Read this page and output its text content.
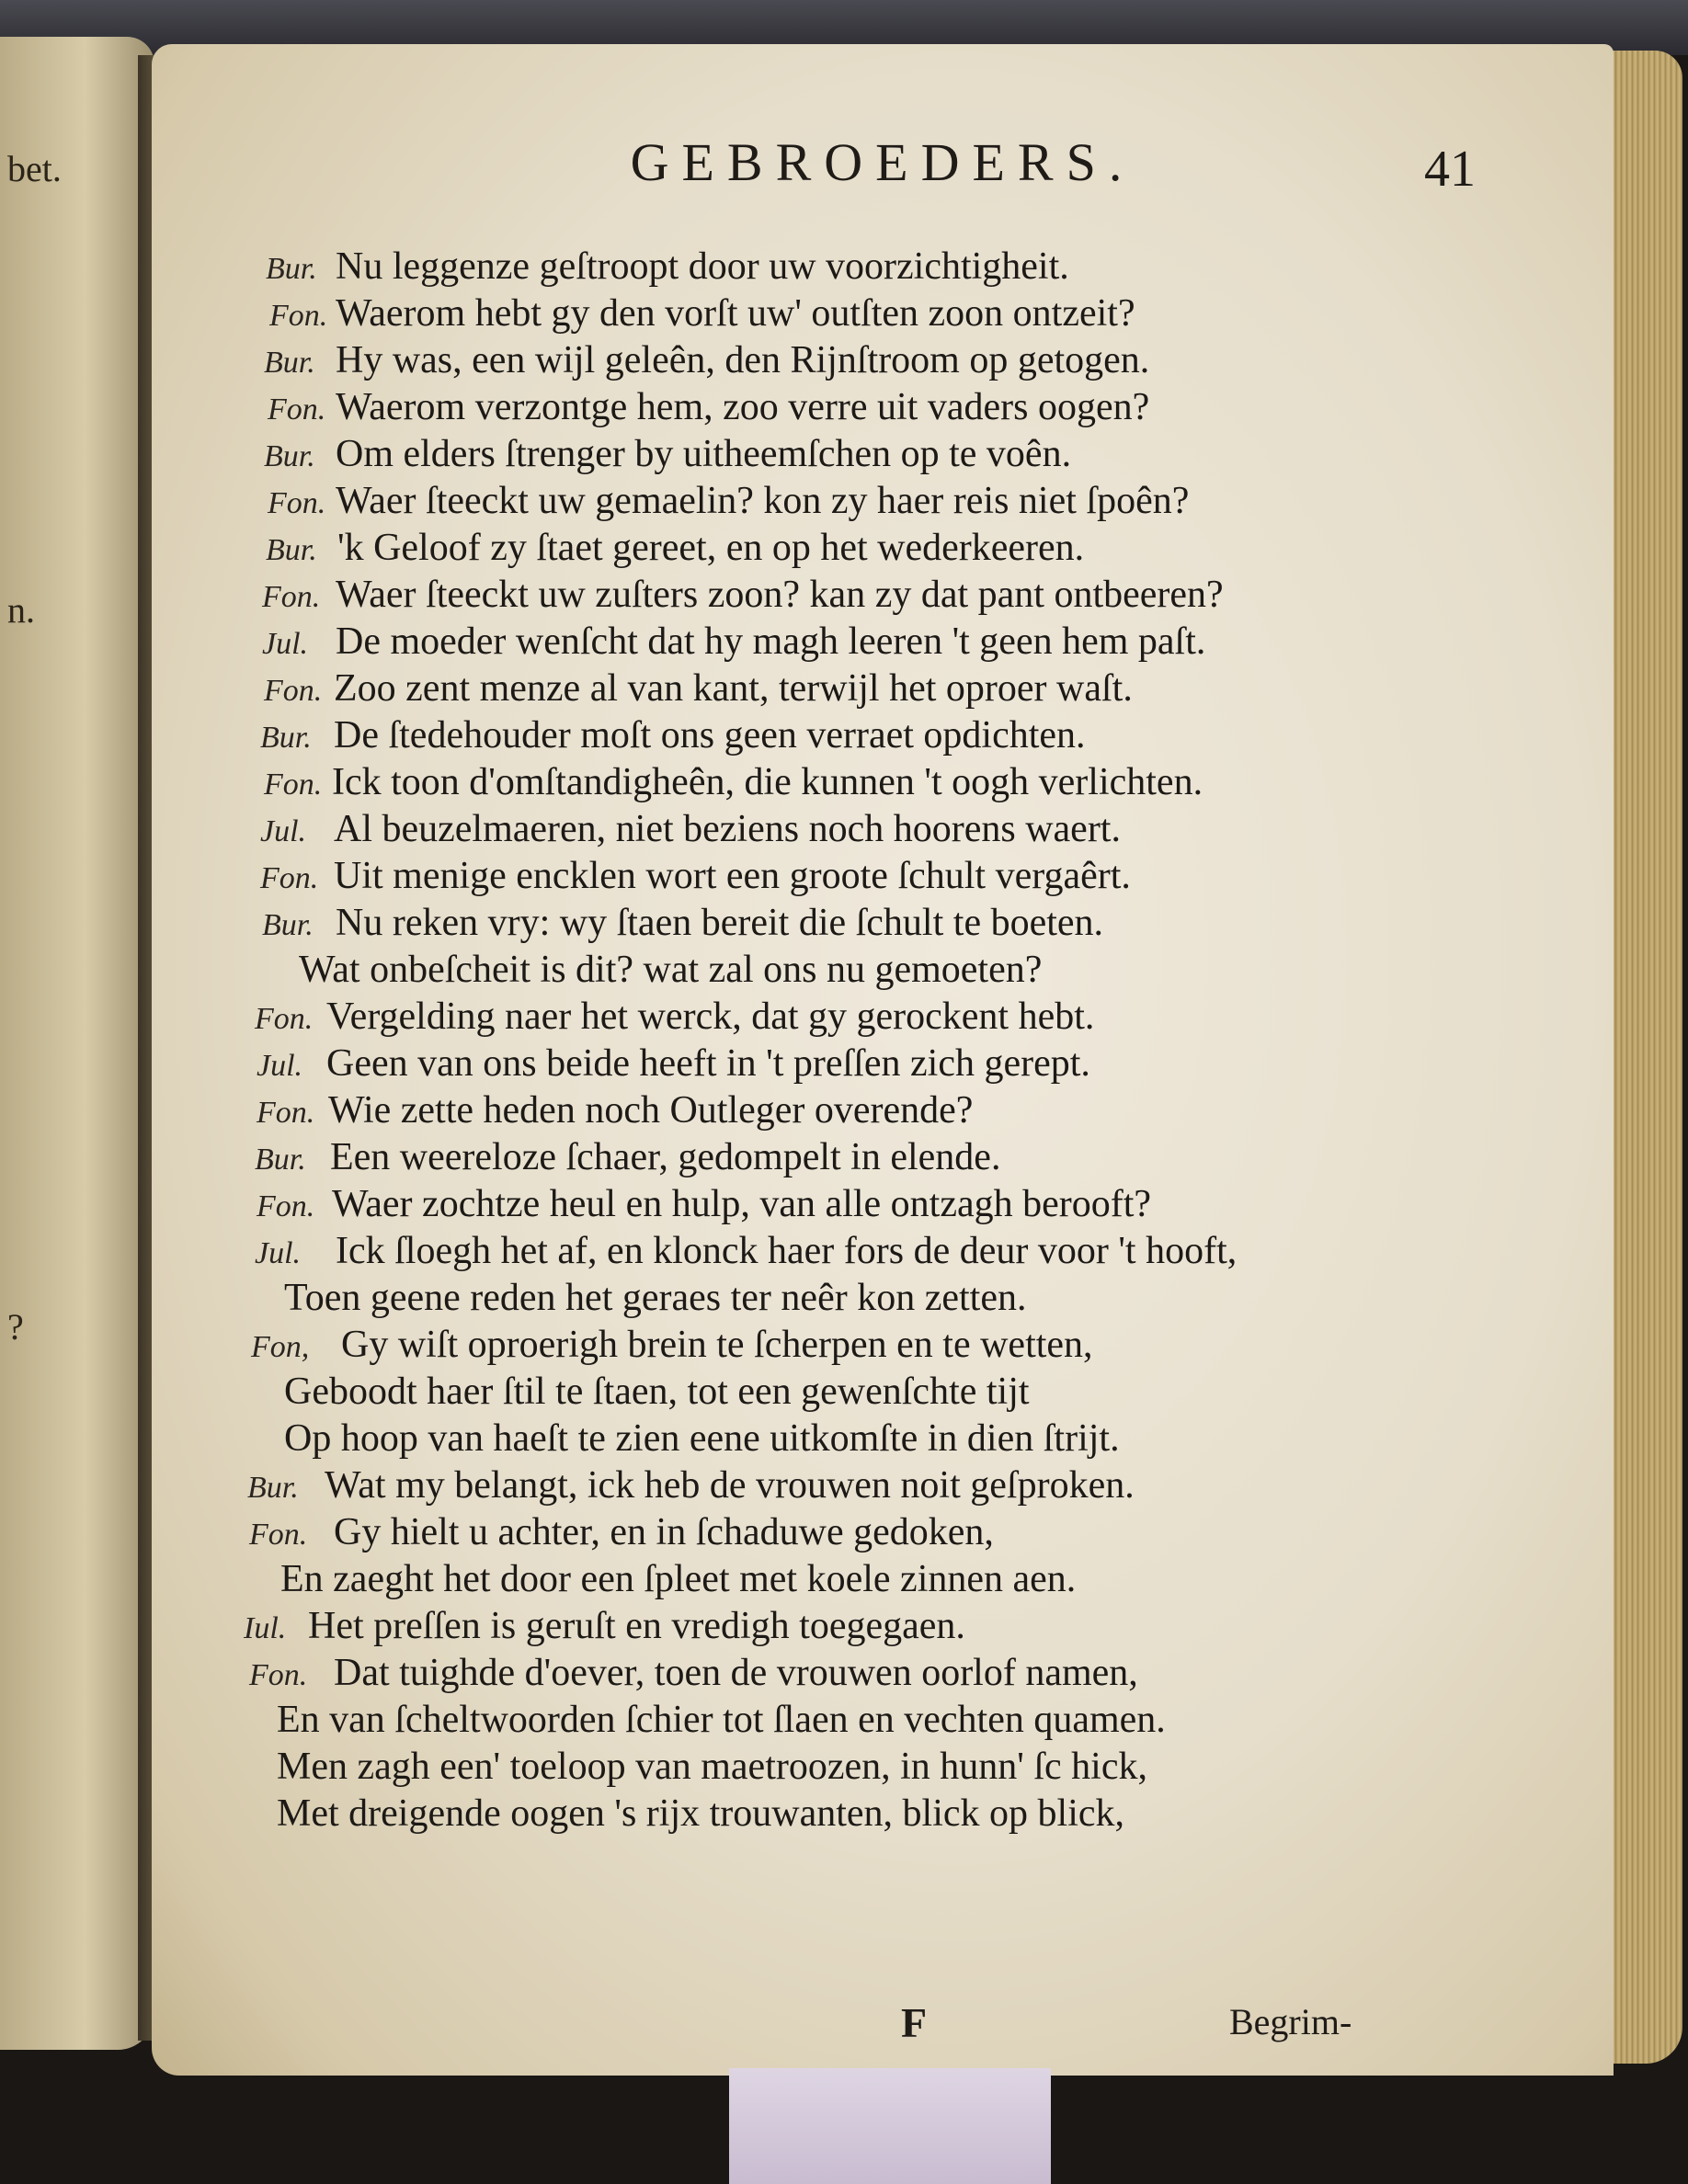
bet.
n.
?
GEBROEDERS.	41
Bur. Nu leggenze geſtroopt door uw voorzichtigheit.
Fon. Waerom hebt gy den vorſt uw' outſten zoon ontzeit?
Bur. Hy was, een wijl geleên, den Rijnſtroom op getogen.
Fon. Waerom verzontge hem, zoo verre uit vaders oogen?
Bur. Om elders ſtrenger by uitheemſchen op te voên.
Fon. Waer ſteeckt uw gemaelin? kon zy haer reis niet ſpoên?
Bur. 'k Geloof zy ſtaet gereet, en op het wederkeeren.
Fon. Waer ſteeckt uw zuſters zoon? kan zy dat pant ontbeeren?
Jul. De moeder wenſcht dat hy magh leeren 't geen hem paſt.
Fon. Zoo zent menze al van kant, terwijl het oproer waſt.
Bur. De ſtedehouder moſt ons geen verraet opdichten.
Fon. Ick toon d'omſtandigheên, die kunnen 't oogh verlichten.
Jul. Al beuzelmaeren, niet beziens noch hoorens waert.
Fon. Uit menige encklen wort een groote ſchult vergaêrt.
Bur. Nu reken vry: wy ſtaen bereit die ſchult te boeten.
Wat onbeſcheit is dit? wat zal ons nu gemoeten?
Fon. Vergelding naer het werck, dat gy gerockent hebt.
Jul. Geen van ons beide heeft in 't preſſen zich gerept.
Fon. Wie zette heden noch Outleger overende?
Bur. Een weereloze ſchaer, gedompelt in elende.
Fon. Waer zochtze heul en hulp, van alle ontzagh berooft?
Jul. Ick ſloegh het af, en klonck haer fors de deur voor 't hooft,
Toen geene reden het geraes ter neêr kon zetten.
Fon, Gy wiſt oproerigh brein te ſcherpen en te wetten,
Geboodt haer ſtil te ſtaen, tot een gewenſchte tijt
Op hoop van haeſt te zien eene uitkomſte in dien ſtrijt.
Bur. Wat my belangt, ick heb de vrouwen noit geſproken.
Fon. Gy hielt u achter, en in ſchaduwe gedoken,
En zaeght het door een ſpleet met koele zinnen aen.
Iul. Het preſſen is geruſt en vredigh toegegaen.
Fon. Dat tuighde d'oever, toen de vrouwen oorlof namen,
En van ſcheltwoorden ſchier tot ſlaen en vechten quamen.
Men zagh een' toeloop van maetroozen, in hunn' ſc hick,
Met dreigende oogen 's rijx trouwanten, blick op blick,
F	Begrim-
